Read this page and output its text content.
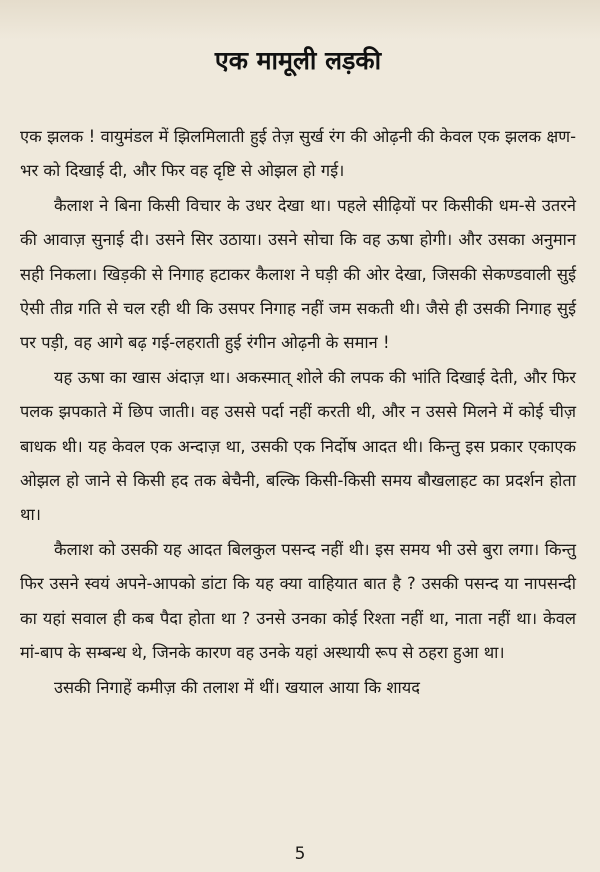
एक मामूली लड़की

एक झलक ! वायुमंडल में झिलमिलाती हुई तेज़ सुर्ख रंग की ओढ़नी की केवल एक झलक क्षण-भर को दिखाई दी, और फिर वह दृष्टि से ओझल हो गई।

कैलाश ने बिना किसी विचार के उधर देखा था। पहले सीढ़ियों पर किसीकी धम-से उतरने की आवाज़ सुनाई दी। उसने सिर उठाया। उसने सोचा कि वह ऊषा होगी। और उसका अनुमान सही निकला। खिड़की से निगाह हटाकर कैलाश ने घड़ी की ओर देखा, जिसकी सेकण्डवाली सुई ऐसी तीव्र गति से चल रही थी कि उसपर निगाह नहीं जम सकती थी। जैसे ही उसकी निगाह सुई पर पड़ी, वह आगे बढ़ गई-लहराती हुई रंगीन ओढ़नी के समान !

यह ऊषा का खास अंदाज़ था। अकस्मात् शोले की लपक की भांति दिखाई देती, और फिर पलक झपकाते में छिप जाती। वह उससे पर्दा नहीं करती थी, और न उससे मिलने में कोई चीज़ बाधक थी। यह केवल एक अन्दाज़ था, उसकी एक निर्दोष आदत थी। किन्तु इस प्रकार एकाएक ओझल हो जाने से किसी हद तक बेचैनी, बल्कि किसी-किसी समय बौखलाहट का प्रदर्शन होता था।

कैलाश को उसकी यह आदत बिलकुल पसन्द नहीं थी। इस समय भी उसे बुरा लगा। किन्तु फिर उसने स्वयं अपने-आपको डांटा कि यह क्या वाहियात बात है ? उसकी पसन्द या नापसन्दी का यहां सवाल ही कब पैदा होता था ? उनसे उनका कोई रिश्ता नहीं था, नाता नहीं था। केवल मां-बाप के सम्बन्ध थे, जिनके कारण वह उनके यहां अस्थायी रूप से ठहरा हुआ था।

उसकी निगाहें कमीज़ की तलाश में थीं। खयाल आया कि शायद

5
